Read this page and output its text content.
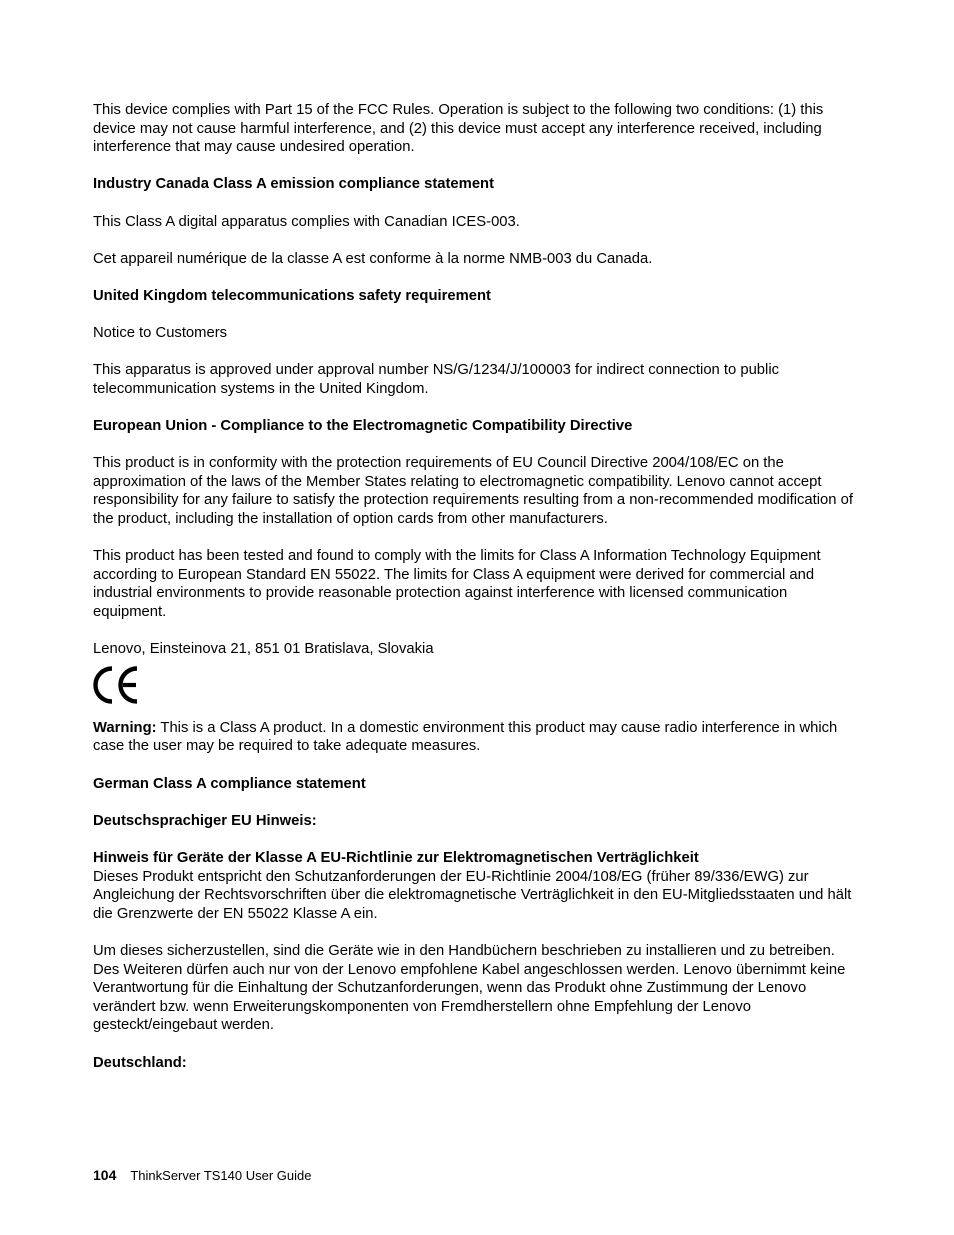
This device complies with Part 15 of the FCC Rules. Operation is subject to the following two conditions: (1) this device may not cause harmful interference, and (2) this device must accept any interference received, including interference that may cause undesired operation.

Industry Canada Class A emission compliance statement

This Class A digital apparatus complies with Canadian ICES-003.

Cet appareil numérique de la classe A est conforme à la norme NMB-003 du Canada.

United Kingdom telecommunications safety requirement

Notice to Customers

This apparatus is approved under approval number NS/G/1234/J/100003 for indirect connection to public telecommunication systems in the United Kingdom.

European Union - Compliance to the Electromagnetic Compatibility Directive

This product is in conformity with the protection requirements of EU Council Directive 2004/108/EC on the approximation of the laws of the Member States relating to electromagnetic compatibility. Lenovo cannot accept responsibility for any failure to satisfy the protection requirements resulting from a non-recommended modification of the product, including the installation of option cards from other manufacturers.

This product has been tested and found to comply with the limits for Class A Information Technology Equipment according to European Standard EN 55022. The limits for Class A equipment were derived for commercial and industrial environments to provide reasonable protection against interference with licensed communication equipment.

Lenovo, Einsteinova 21, 851 01 Bratislava, Slovakia

Warning: This is a Class A product. In a domestic environment this product may cause radio interference in which case the user may be required to take adequate measures.

German Class A compliance statement

Deutschsprachiger EU Hinweis:

Hinweis für Geräte der Klasse A EU-Richtlinie zur Elektromagnetischen Verträglichkeit

Dieses Produkt entspricht den Schutzanforderungen der EU-Richtlinie 2004/108/EG (früher 89/336/EWG) zur Angleichung der Rechtsvorschriften über die elektromagnetische Verträglichkeit in den EU-Mitgliedsstaaten und hält die Grenzwerte der EN 55022 Klasse A ein.

Um dieses sicherzustellen, sind die Geräte wie in den Handbüchern beschrieben zu installieren und zu betreiben. Des Weiteren dürfen auch nur von der Lenovo empfohlene Kabel angeschlossen werden. Lenovo übernimmt keine Verantwortung für die Einhaltung der Schutzanforderungen, wenn das Produkt ohne Zustimmung der Lenovo verändert bzw. wenn Erweiterungskomponenten von Fremdherstellern ohne Empfehlung der Lenovo gesteckt/eingebaut werden.

Deutschland:

104 ThinkServer TS140 User Guide
